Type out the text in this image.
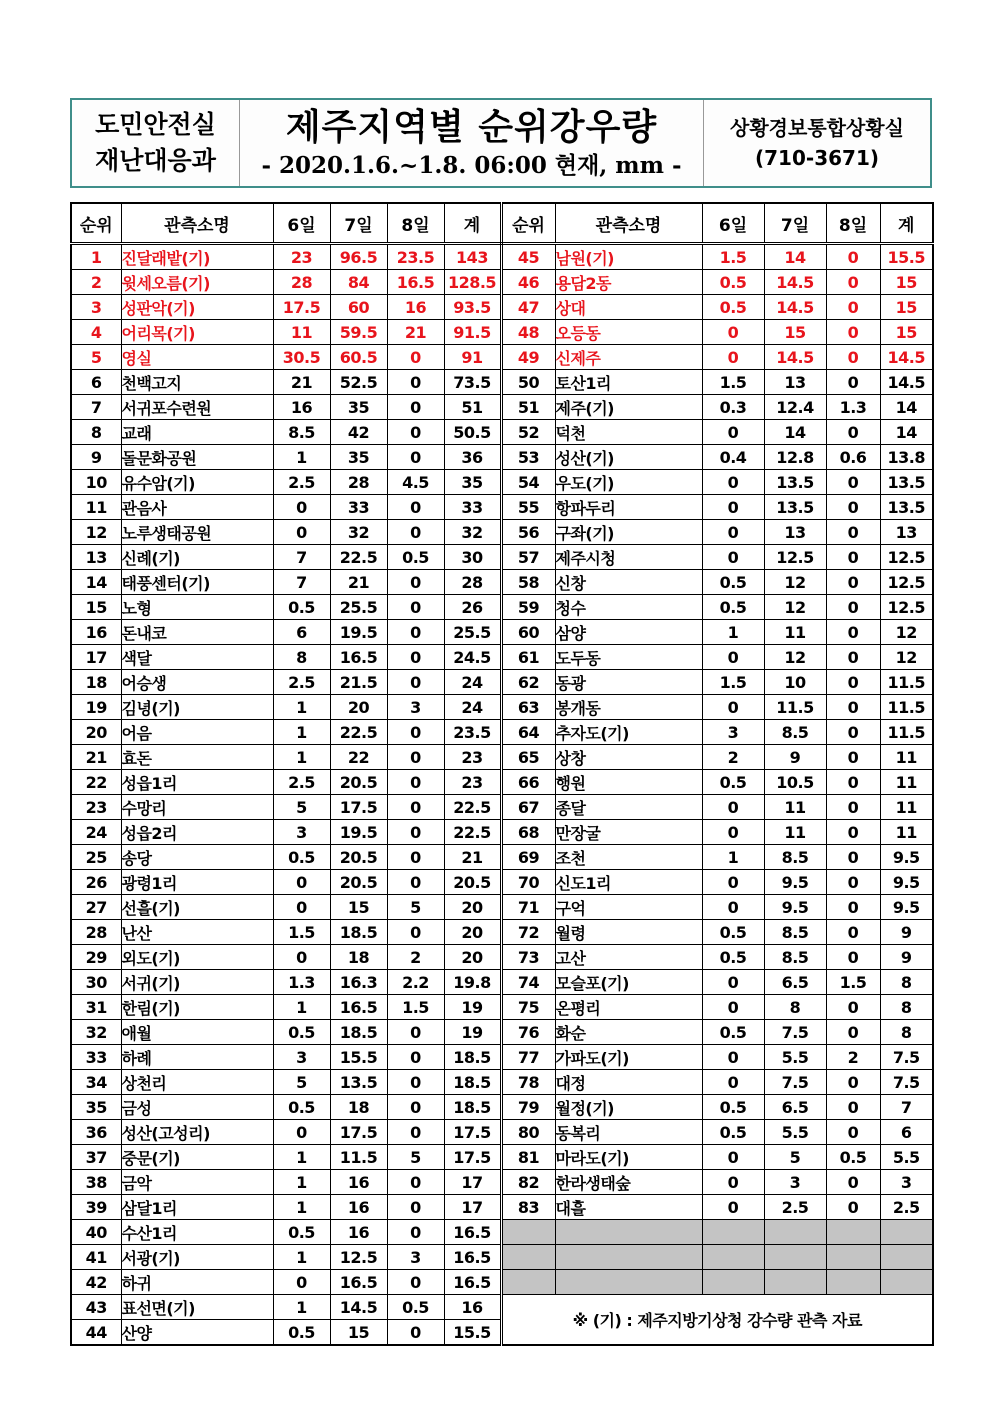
도민안전실
재난대응과
제주지역별 순위강우량
- 2020.1.6.~1.8. 06:00 현재, mm -
상황경보통합상황실
(710-3671)
순위	관측소명	6일	7일	8일	계	순위	관측소명	6일	7일	8일	계
1	진달래밭(기)	23	96.5	23.5	143	45	남원(기)	1.5	14	0	15.5
2	윗세오름(기)	28	84	16.5	128.5	46	용담2동	0.5	14.5	0	15
3	성판악(기)	17.5	60	16	93.5	47	상대	0.5	14.5	0	15
4	어리목(기)	11	59.5	21	91.5	48	오등동	0	15	0	15
5	영실	30.5	60.5	0	91	49	신제주	0	14.5	0	14.5
6	천백고지	21	52.5	0	73.5	50	토산1리	1.5	13	0	14.5
7	서귀포수련원	16	35	0	51	51	제주(기)	0.3	12.4	1.3	14
8	교래	8.5	42	0	50.5	52	덕천	0	14	0	14
9	돌문화공원	1	35	0	36	53	성산(기)	0.4	12.8	0.6	13.8
10	유수암(기)	2.5	28	4.5	35	54	우도(기)	0	13.5	0	13.5
11	관음사	0	33	0	33	55	항파두리	0	13.5	0	13.5
12	노루생태공원	0	32	0	32	56	구좌(기)	0	13	0	13
13	신례(기)	7	22.5	0.5	30	57	제주시청	0	12.5	0	12.5
14	태풍센터(기)	7	21	0	28	58	신창	0.5	12	0	12.5
15	노형	0.5	25.5	0	26	59	청수	0.5	12	0	12.5
16	돈내코	6	19.5	0	25.5	60	삼양	1	11	0	12
17	색달	8	16.5	0	24.5	61	도두동	0	12	0	12
18	어승생	2.5	21.5	0	24	62	동광	1.5	10	0	11.5
19	김녕(기)	1	20	3	24	63	봉개동	0	11.5	0	11.5
20	어음	1	22.5	0	23.5	64	추자도(기)	3	8.5	0	11.5
21	효돈	1	22	0	23	65	상창	2	9	0	11
22	성읍1리	2.5	20.5	0	23	66	행원	0.5	10.5	0	11
23	수망리	5	17.5	0	22.5	67	종달	0	11	0	11
24	성읍2리	3	19.5	0	22.5	68	만장굴	0	11	0	11
25	송당	0.5	20.5	0	21	69	조천	1	8.5	0	9.5
26	광령1리	0	20.5	0	20.5	70	신도1리	0	9.5	0	9.5
27	선흘(기)	0	15	5	20	71	구억	0	9.5	0	9.5
28	난산	1.5	18.5	0	20	72	월령	0.5	8.5	0	9
29	외도(기)	0	18	2	20	73	고산	0.5	8.5	0	9
30	서귀(기)	1.3	16.3	2.2	19.8	74	모슬포(기)	0	6.5	1.5	8
31	한림(기)	1	16.5	1.5	19	75	온평리	0	8	0	8
32	애월	0.5	18.5	0	19	76	화순	0.5	7.5	0	8
33	하례	3	15.5	0	18.5	77	가파도(기)	0	5.5	2	7.5
34	상천리	5	13.5	0	18.5	78	대정	0	7.5	0	7.5
35	금성	0.5	18	0	18.5	79	월정(기)	0.5	6.5	0	7
36	성산(고성리)	0	17.5	0	17.5	80	동복리	0.5	5.5	0	6
37	중문(기)	1	11.5	5	17.5	81	마라도(기)	0	5	0.5	5.5
38	금악	1	16	0	17	82	한라생태숲	0	3	0	3
39	삼달1리	1	16	0	17	83	대흘	0	2.5	0	2.5
40	수산1리	0.5	16	0	16.5						
41	서광(기)	1	12.5	3	16.5						
42	하귀	0	16.5	0	16.5						
43	표선면(기)	1	14.5	0.5	16	※ (기) : 제주지방기상청 강수량 관측 자료					
44	산양	0.5	15	0	15.5						
